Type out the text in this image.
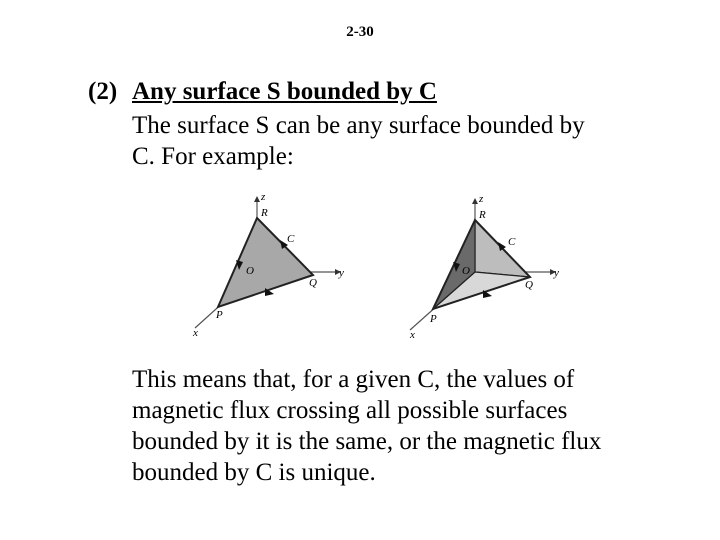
2-30
(2) Any surface S bounded by C
The surface S can be any surface bounded by
C. For example:
z
R
C
O	y
Q
P
x
z
R
C
O	y
Q
P
x
This means that, for a given C, the values of
magnetic flux crossing all possible surfaces
bounded by it is the same, or the magnetic flux
bounded by C is unique.
